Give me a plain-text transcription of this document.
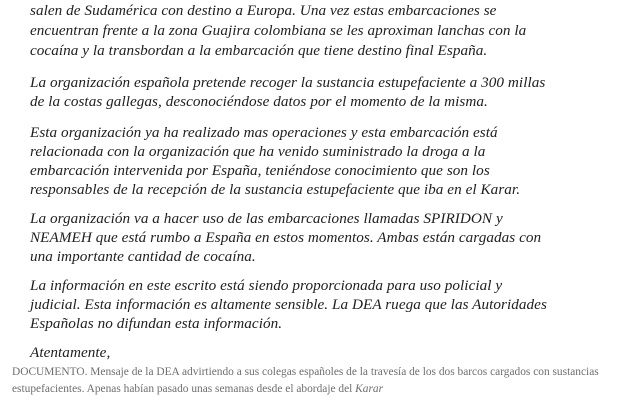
salen de Sudamérica con destino a Europa. Una vez estas embarcaciones se
encuentran frente a la zona Guajira colombiana se les aproximan lanchas con la
cocaína y la transbordan a la embarcación que tiene destino final España.
La organización española pretende recoger la sustancia estupefaciente a 300 millas
de la costas gallegas, desconociéndose datos por el momento de la misma.
Esta organización ya ha realizado mas operaciones y esta embarcación está
relacionada con la organización que ha venido suministrado la droga a la
embarcación intervenida por España, teniéndose conocimiento que son los
responsables de la recepción de la sustancia estupefaciente que iba en el Karar.
La organización va a hacer uso de las embarcaciones llamadas SPIRIDON y
NEAMEH que está rumbo a España en estos momentos. Ambas están cargadas con
una importante cantidad de cocaína.
La información en este escrito está siendo proporcionada para uso policial y
judicial. Esta información es altamente sensible. La DEA ruega que las Autoridades
Españolas no difundan esta información.
Atentamente,
DOCUMENTO. Mensaje de la DEA advirtiendo a sus colegas españoles de la travesía de los dos barcos cargados con sustancias estupefacientes. Apenas habían pasado unas semanas desde el abordaje del Karar
